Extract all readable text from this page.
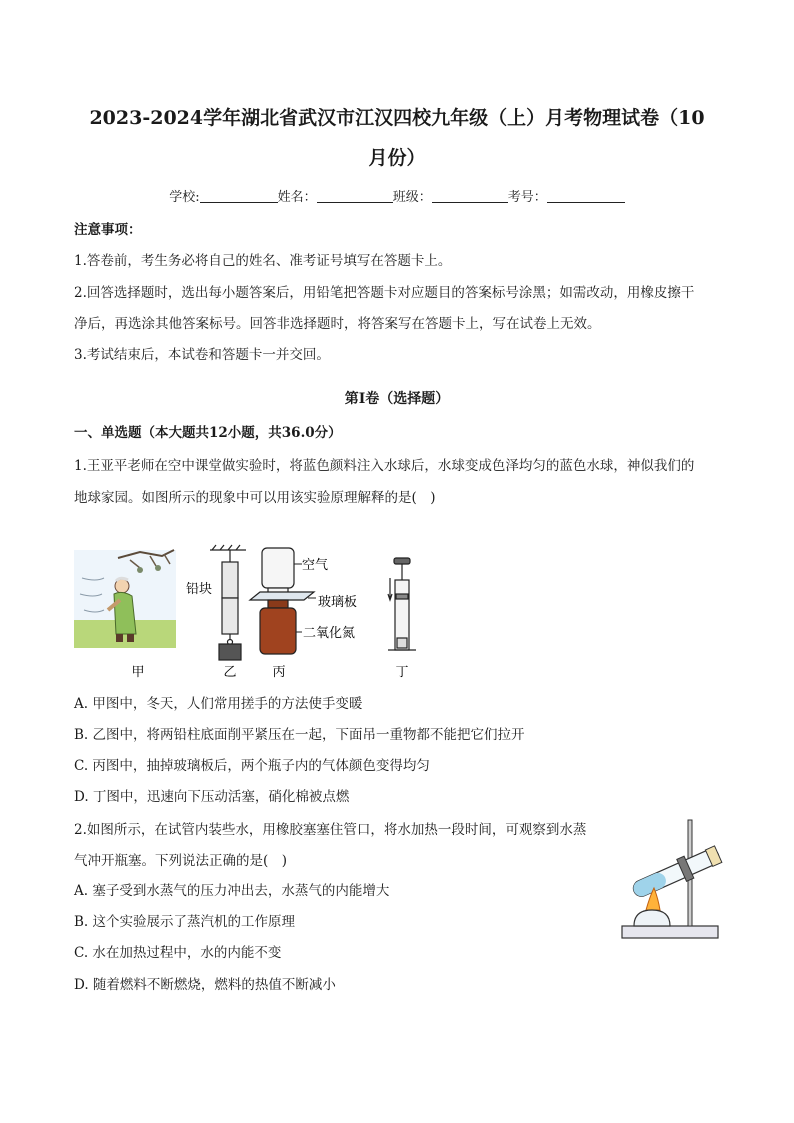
2023-2024学年湖北省武汉市江汉四校九年级（上）月考物理试卷（10
月份）
学校:	姓名：	班级：	考号：
注意事项：
1.答卷前，考生务必将自己的姓名、准考证号填写在答题卡上。
2.回答选择题时，选出每小题答案后，用铅笔把答题卡对应题目的答案标号涂黑；如需改动，用橡皮擦干
净后，再选涂其他答案标号。回答非选择题时，将答案写在答题卡上，写在试卷上无效。
3.考试结束后，本试卷和答题卡一并交回。
第Ⅰ卷（选择题）
一、单选题（本大题共12小题，共36.0分）
1.王亚平老师在空中课堂做实验时，将蓝色颜料注入水球后，水球变成色泽均匀的蓝色水球，神似我们的
地球家园。如图所示的现象中可以用该实验原理解释的是(　)
甲
铅块
乙
空气
玻璃板
二氧化氮
丙	丁
A. 甲图中，冬天，人们常用搓手的方法使手变暖
B. 乙图中，将两铅柱底面削平紧压在一起，下面吊一重物都不能把它们拉开
C. 丙图中，抽掉玻璃板后，两个瓶子内的气体颜色变得均匀
D. 丁图中，迅速向下压动活塞，硝化棉被点燃
2.如图所示，在试管内装些水，用橡胶塞塞住管口，将水加热一段时间，可观察到水蒸
气冲开瓶塞。下列说法正确的是(　)
A. 塞子受到水蒸气的压力冲出去，水蒸气的内能增大
B. 这个实验展示了蒸汽机的工作原理
C. 水在加热过程中，水的内能不变
D. 随着燃料不断燃烧，燃料的热值不断减小
